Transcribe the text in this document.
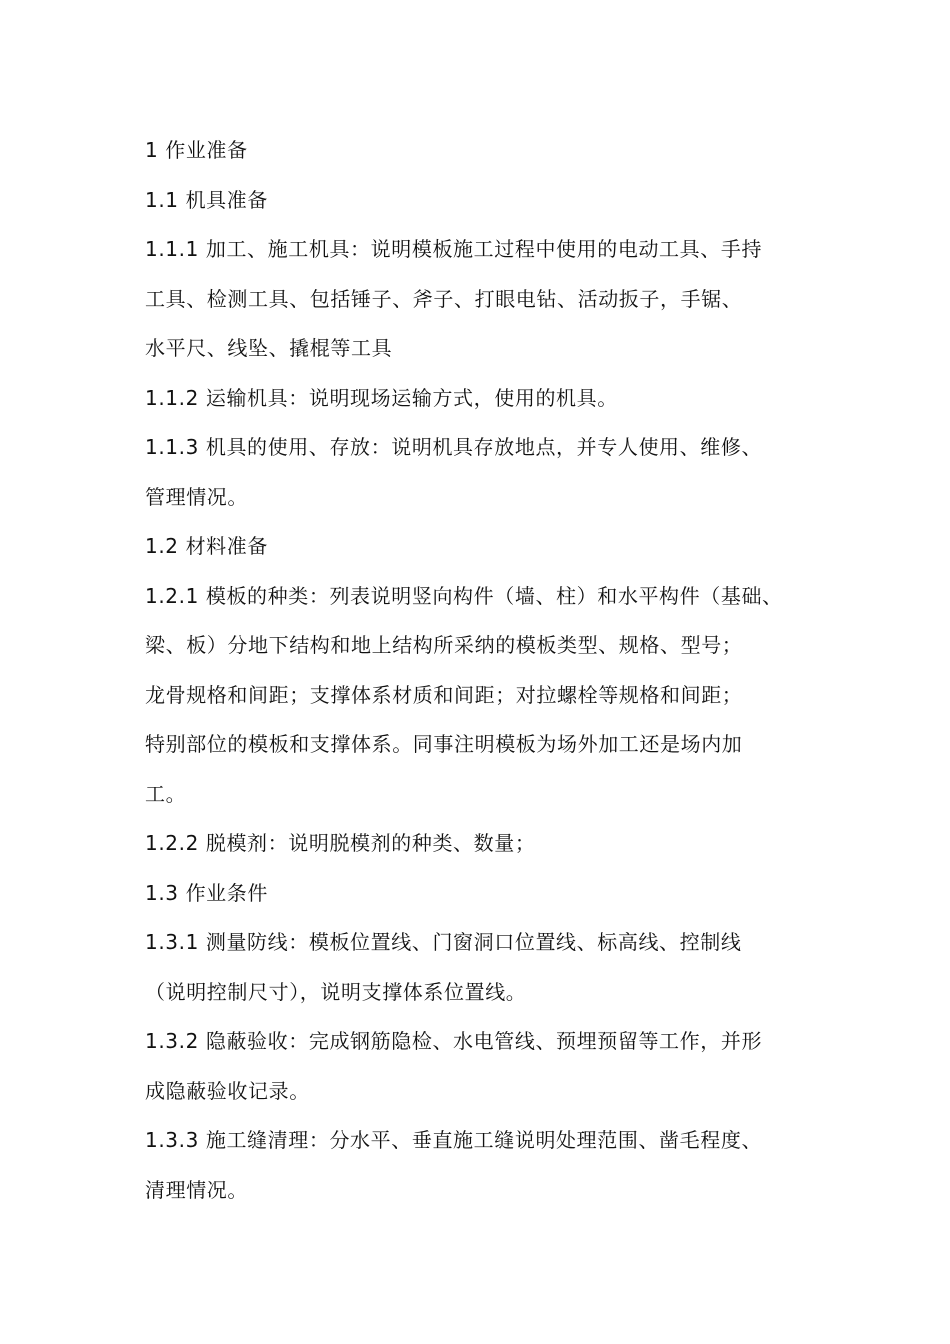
1 作业准备

1.1 机具准备

1.1.1 加工、施工机具：说明模板施工过程中使用的电动工具、手持

工具、检测工具、包括锤子、斧子、打眼电钻、活动扳子，手锯、

水平尺、线坠、撬棍等工具

1.1.2 运输机具：说明现场运输方式，使用的机具。

1.1.3 机具的使用、存放：说明机具存放地点，并专人使用、维修、

管理情况。

1.2 材料准备

1.2.1 模板的种类：列表说明竖向构件（墙、柱）和水平构件（基础、

梁、板）分地下结构和地上结构所采纳的模板类型、规格、型号；

龙骨规格和间距；支撑体系材质和间距；对拉螺栓等规格和间距；

特别部位的模板和支撑体系。同事注明模板为场外加工还是场内加

工。

1.2.2 脱模剂：说明脱模剂的种类、数量；

1.3 作业条件

1.3.1 测量防线：模板位置线、门窗洞口位置线、标高线、控制线

（说明控制尺寸），说明支撑体系位置线。

1.3.2 隐蔽验收：完成钢筋隐检、水电管线、预埋预留等工作，并形

成隐蔽验收记录。

1.3.3 施工缝清理：分水平、垂直施工缝说明处理范围、凿毛程度、

清理情况。
